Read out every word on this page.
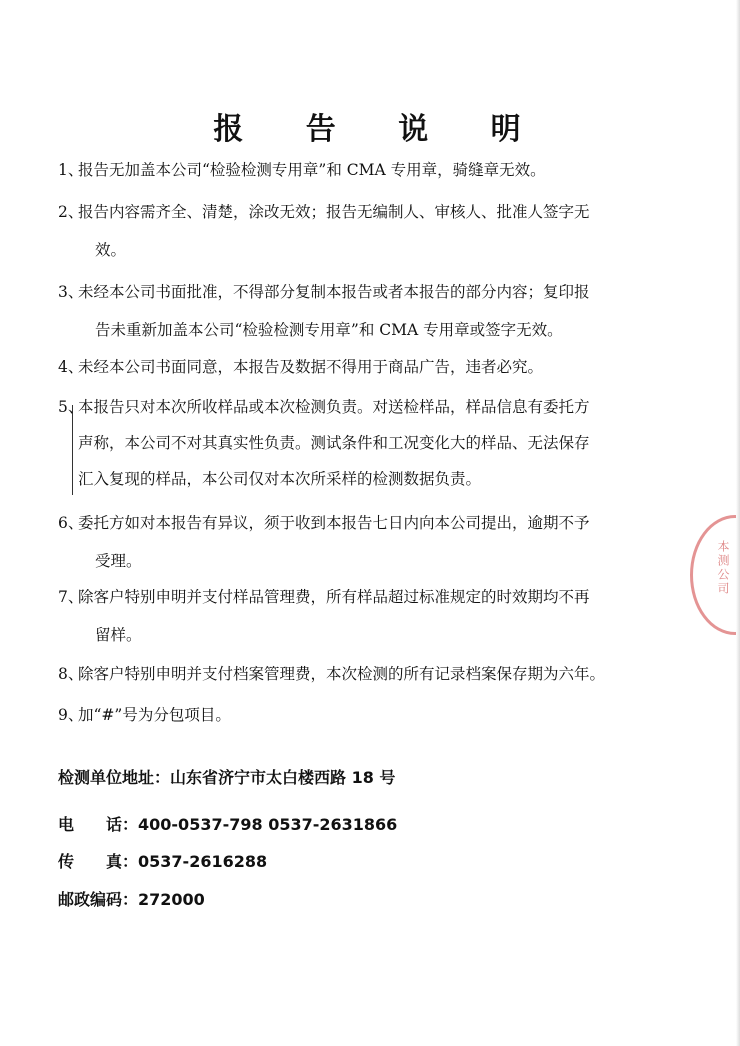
报 告 说 明
1、报告无加盖本公司“检验检测专用章”和 CMA 专用章，骑缝章无效。
2、报告内容需齐全、清楚，涂改无效；报告无编制人、审核人、批准人签字无
效。
3、未经本公司书面批准，不得部分复制本报告或者本报告的部分内容；复印报
告未重新加盖本公司“检验检测专用章”和 CMA 专用章或签字无效。
4、未经本公司书面同意，本报告及数据不得用于商品广告，违者必究。
5、本报告只对本次所收样品或本次检测负责。对送检样品，样品信息有委托方
声称，本公司不对其真实性负责。测试条件和工况变化大的样品、无法保存
汇入复现的样品，本公司仅对本次所采样的检测数据负责。
6、委托方如对本报告有异议，须于收到本报告七日内向本公司提出，逾期不予
受理。
7、除客户特别申明并支付样品管理费，所有样品超过标准规定的时效期均不再
留样。
8、除客户特别申明并支付档案管理费，本次检测的所有记录档案保存期为六年。
9、加“#”号为分包项目。
检测单位地址：山东省济宁市太白楼西路 18 号
电　　话：400-0537-798 0537-2631866
传　　真：0537-2616288
邮政编码：272000
本测公司
